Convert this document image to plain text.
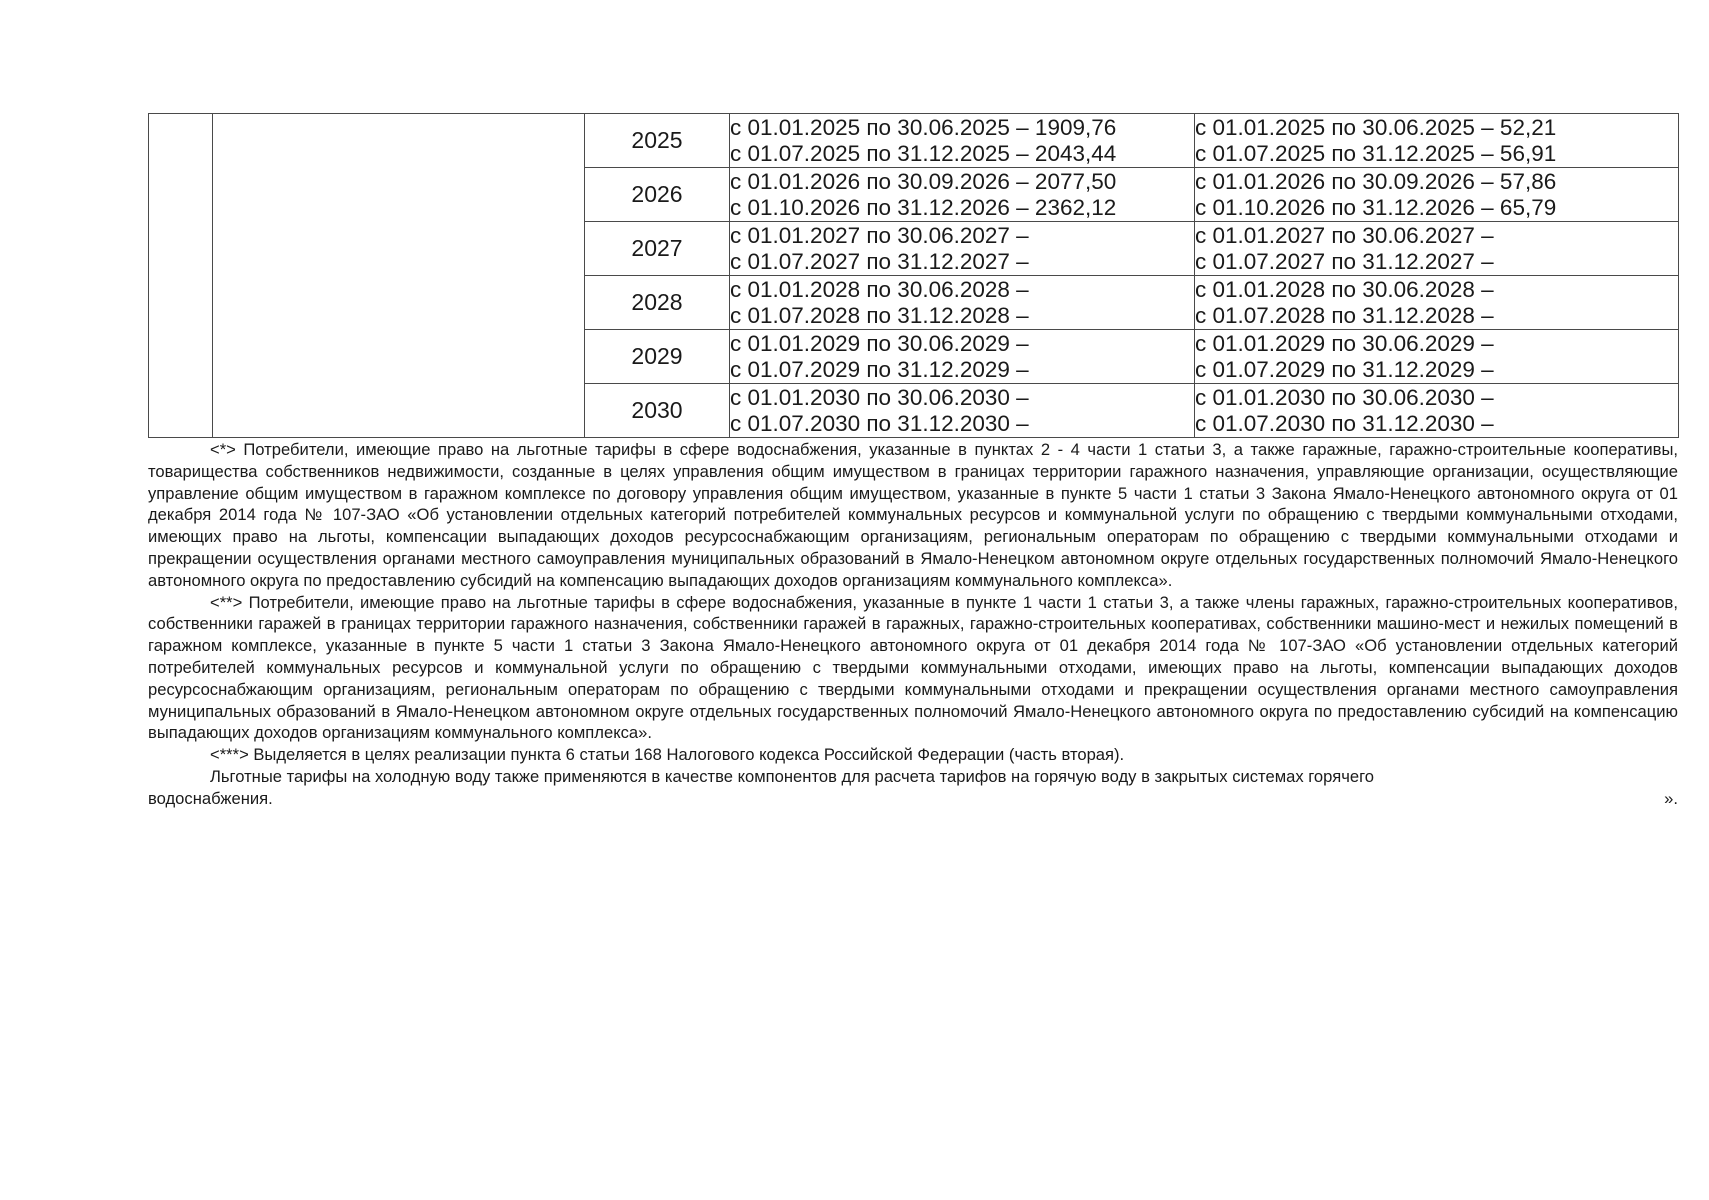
		2025	с 01.01.2025 по 30.06.2025 – 1909,76
с 01.07.2025 по 31.12.2025 – 2043,44	с 01.01.2025 по 30.06.2025 – 52,21
с 01.07.2025 по 31.12.2025 – 56,91

		2026	с 01.01.2026 по 30.09.2026 – 2077,50
с 01.10.2026 по 31.12.2026 – 2362,12	с 01.01.2026 по 30.09.2026 – 57,86
с 01.10.2026 по 31.12.2026 – 65,79

		2027	с 01.01.2027 по 30.06.2027 –
с 01.07.2027 по 31.12.2027 –	с 01.01.2027 по 30.06.2027 –
с 01.07.2027 по 31.12.2027 –

		2028	с 01.01.2028 по 30.06.2028 –
с 01.07.2028 по 31.12.2028 –	с 01.01.2028 по 30.06.2028 –
с 01.07.2028 по 31.12.2028 –

		2029	с 01.01.2029 по 30.06.2029 –
с 01.07.2029 по 31.12.2029 –	с 01.01.2029 по 30.06.2029 –
с 01.07.2029 по 31.12.2029 –

		2030	с 01.01.2030 по 30.06.2030 –
с 01.07.2030 по 31.12.2030 –	с 01.01.2030 по 30.06.2030 –
с 01.07.2030 по 31.12.2030 –

<*> Потребители, имеющие право на льготные тарифы в сфере водоснабжения, указанные в пунктах 2 - 4 части 1 статьи 3, а также гаражные, гаражно-строительные кооперативы, товарищества собственников недвижимости, созданные в целях управления общим имуществом в границах территории гаражного назначения, управляющие организации, осуществляющие управление общим имуществом в гаражном комплексе по договору управления общим имуществом, указанные в пункте 5 части 1 статьи 3 Закона Ямало-Ненецкого автономного округа от 01 декабря 2014 года № 107-ЗАО «Об установлении отдельных категорий потребителей коммунальных ресурсов и коммунальной услуги по обращению с твердыми коммунальными отходами, имеющих право на льготы, компенсации выпадающих доходов ресурсоснабжающим организациям, региональным операторам по обращению с твердыми коммунальными отходами и прекращении осуществления органами местного самоуправления муниципальных образований в Ямало-Ненецком автономном округе отдельных государственных полномочий Ямало-Ненецкого автономного округа по предоставлению субсидий на компенсацию выпадающих доходов организациям коммунального комплекса».

<**> Потребители, имеющие право на льготные тарифы в сфере водоснабжения, указанные в пункте 1 части 1 статьи 3, а также члены гаражных, гаражно-строительных кооперативов, собственники гаражей в границах территории гаражного назначения, собственники гаражей в гаражных, гаражно-строительных кооперативах, собственники машино-мест и нежилых помещений в гаражном комплексе, указанные в пункте 5 части 1 статьи 3 Закона Ямало-Ненецкого автономного округа от 01 декабря 2014 года № 107-ЗАО «Об установлении отдельных категорий потребителей коммунальных ресурсов и коммунальной услуги по обращению с твердыми коммунальными отходами, имеющих право на льготы, компенсации выпадающих доходов ресурсоснабжающим организациям, региональным операторам по обращению с твердыми коммунальными отходами и прекращении осуществления органами местного самоуправления муниципальных образований в Ямало-Ненецком автономном округе отдельных государственных полномочий Ямало-Ненецкого автономного округа по предоставлению субсидий на компенсацию выпадающих доходов организациям коммунального комплекса».

<***> Выделяется в целях реализации пункта 6 статьи 168 Налогового кодекса Российской Федерации (часть вторая).

Льготные тарифы на холодную воду также применяются в качестве компонентов для расчета тарифов на горячую воду в закрытых системах горячего

водоснабжения.	».
